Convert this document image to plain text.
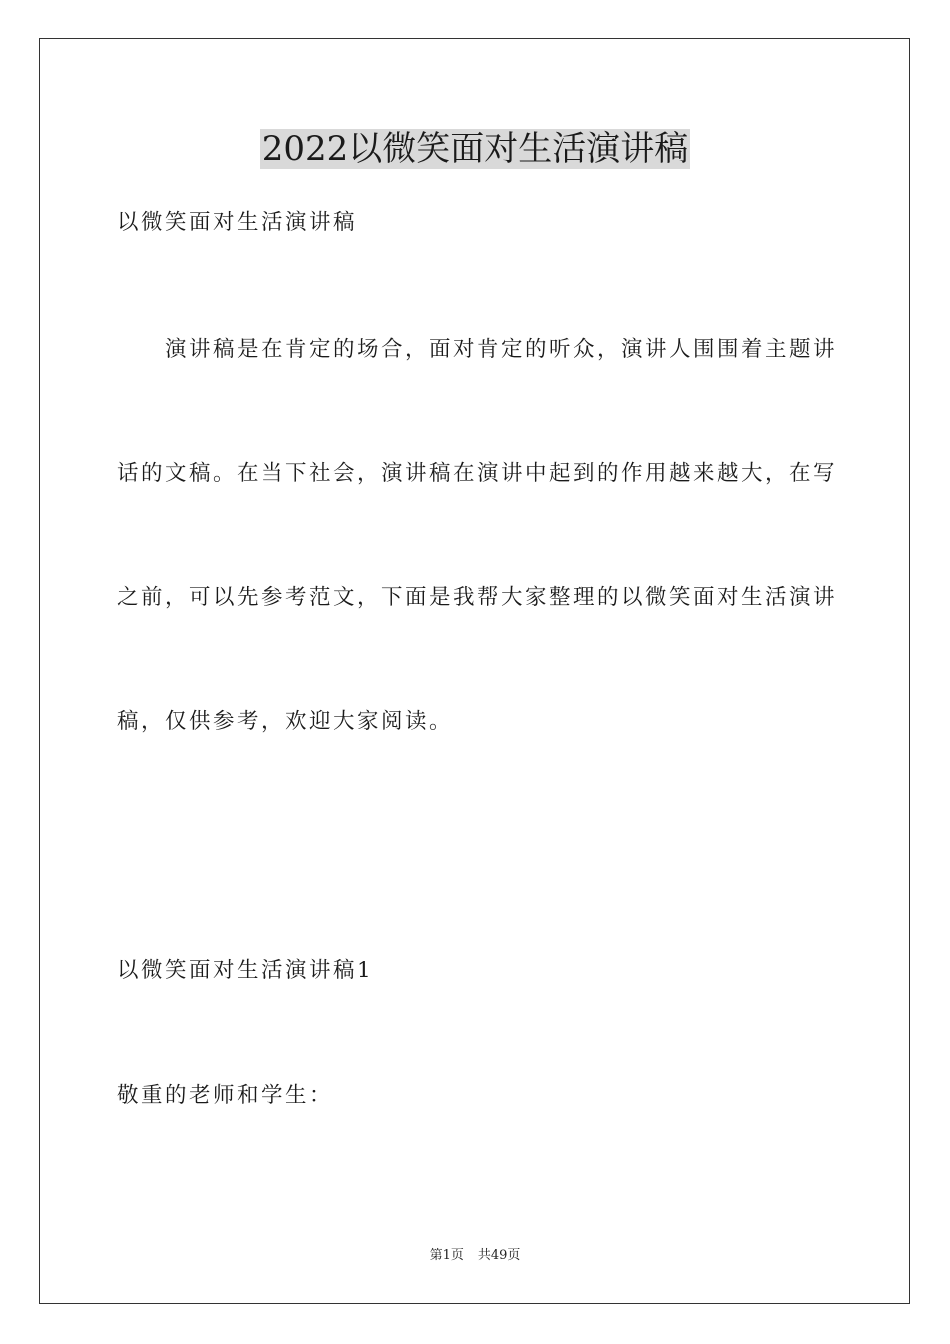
2022以微笑面对生活演讲稿

以微笑面对生活演讲稿

演讲稿是在肯定的场合，面对肯定的听众，演讲人围围着主题讲

话的文稿。在当下社会，演讲稿在演讲中起到的作用越来越大，在写

之前，可以先参考范文，下面是我帮大家整理的以微笑面对生活演讲

稿，仅供参考，欢迎大家阅读。

以微笑面对生活演讲稿1

敬重的老师和学生：

第1页 共49页
